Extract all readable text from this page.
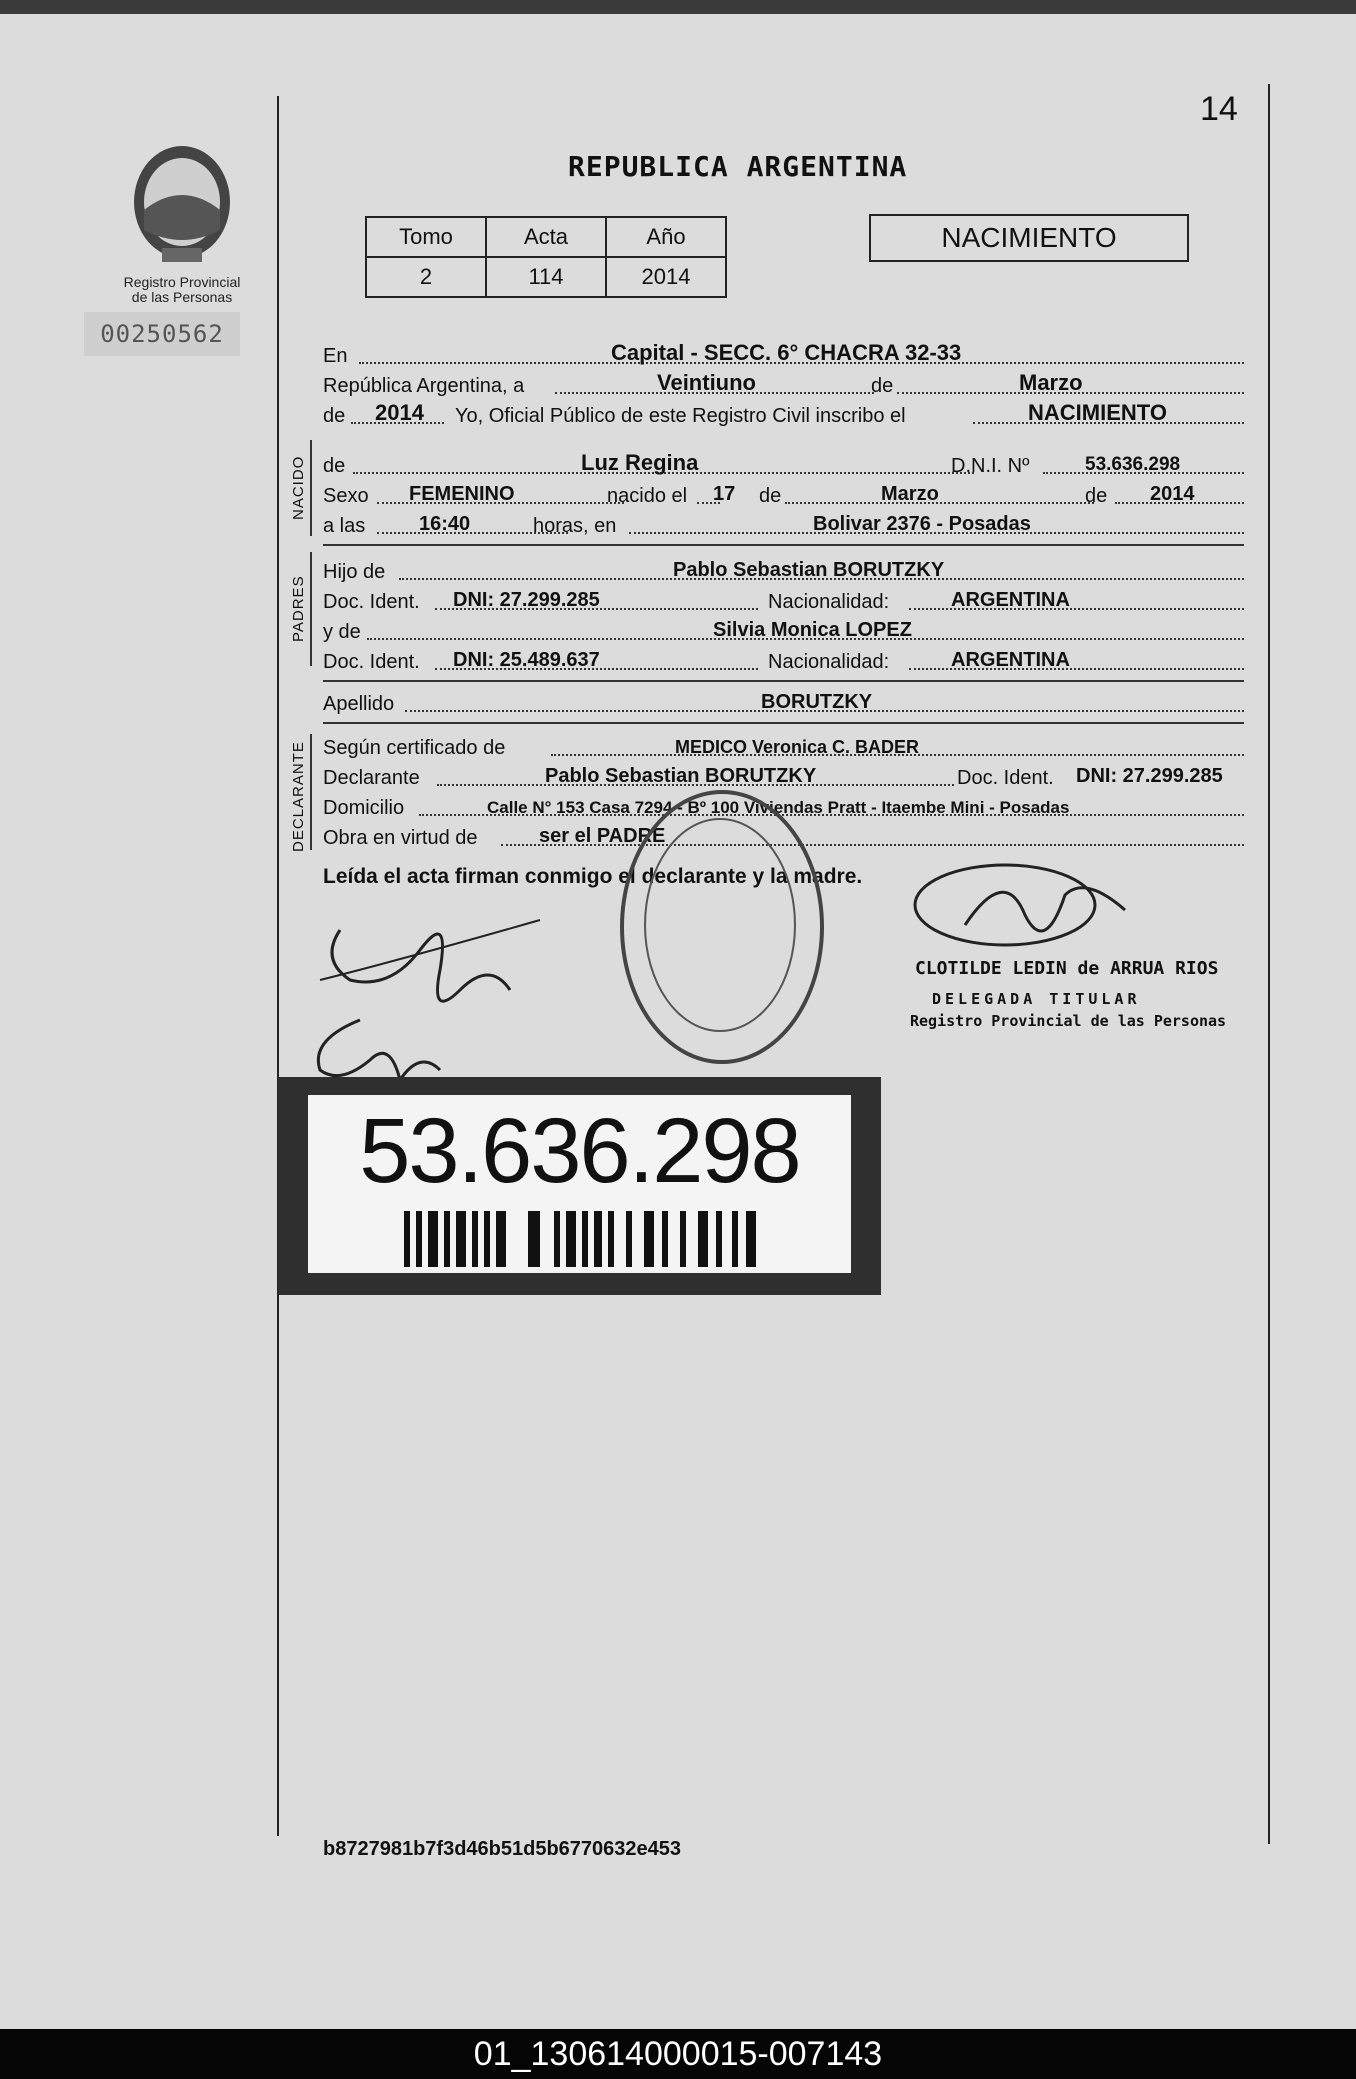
14
Registro Provincial
de las Personas
00250562
REPUBLICA ARGENTINA
Tomo	Acta	Año
2	114	2014
NACIMIENTO
En	Capital - SECC. 6° CHACRA 32-33
República Argentina, a	Veintiuno	de	Marzo
de 2014 Yo, Oficial Público de este Registro Civil inscribo el	NACIMIENTO
NACIDO de	Luz Regina	D.N.I. Nº	53.636.298
Sexo FEMENINO	nacido el 17 de	Marzo	de 2014
a las	16:40	horas, en	Bolivar 2376 - Posadas
PADRES
Hijo de	Pablo Sebastian BORUTZKY
Doc. Ident. DNI: 27.299.285	Nacionalidad:	ARGENTINA
y de	Silvia Monica LOPEZ
Doc. Ident. DNI: 25.489.637	Nacionalidad:	ARGENTINA
Apellido	BORUTZKY
DECLARANTE Según certificado de	MEDICO Veronica C. BADER
Declarante	Pablo Sebastian BORUTZKY	Doc. Ident. DNI: 27.299.285
Domicilio	Calle N° 153 Casa 7294 - Bº 100 Viviendas Pratt - Itaembe Mini - Posadas
Obra en virtud de	ser el PADRE
Leída el acta firman conmigo el declarante y la madre.
CLOTILDE LEDIN de ARRUA RIOS
DELEGADA TITULAR
Registro Provincial de las Personas
53.636.298
b8727981b7f3d46b51d5b6770632e453
01_130614000015-007143
